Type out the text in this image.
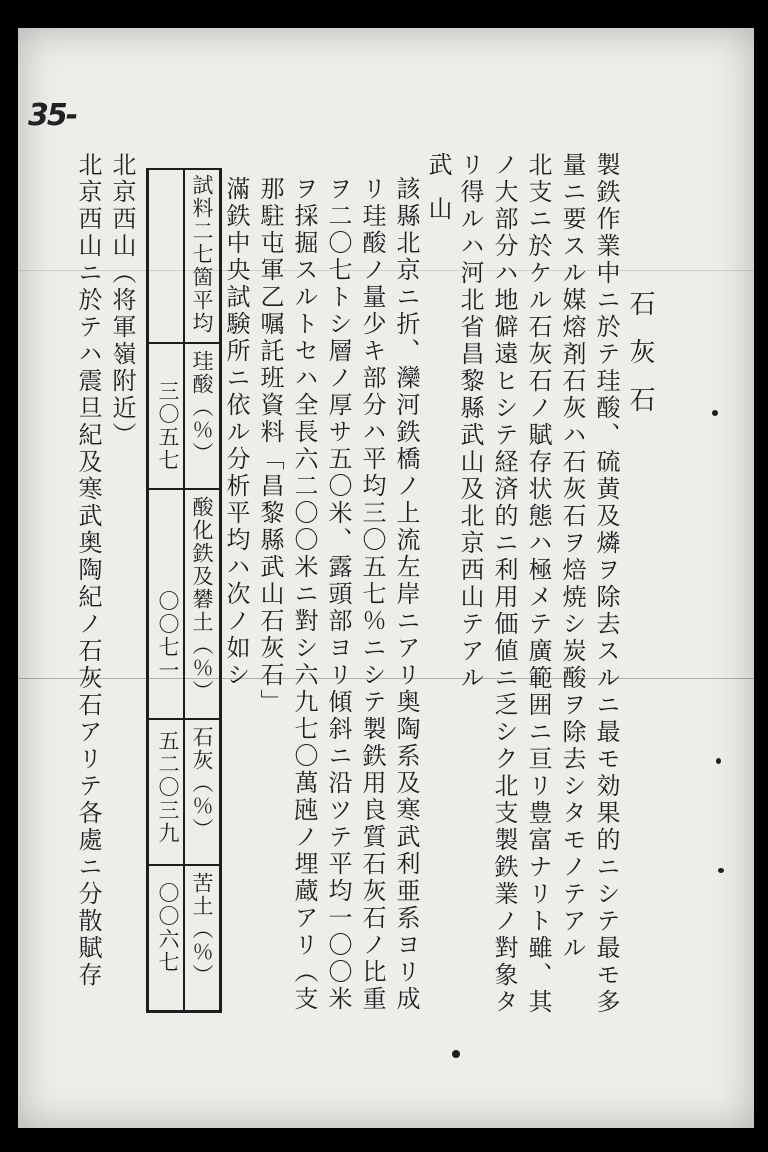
35-
石灰石
製鉄作業中ニ於テ珪酸、硫黄及燐ヲ除去スルニ最モ効果的ニシテ最モ多
量ニ要スル媒熔剤石灰ハ石灰石ヲ焙焼シ炭酸ヲ除去シタモノテアル
北支ニ於ケル石灰石ノ賦存状態ハ極メテ廣範囲ニ亘リ豊富ナリト雖、其
ノ大部分ハ地僻遠ヒシテ経済的ニ利用価値ニ乏シク北支製鉄業ノ對象タ
リ得ルハ河北省昌黎縣武山及北京西山テアル
武山
該縣北京ニ折、灤河鉄橋ノ上流左岸ニアリ奥陶系及寒武利亜系ヨリ成
リ珪酸ノ量少キ部分ハ平均三〇五七％ニシテ製鉄用良質石灰石ノ比重
ヲ二〇七トシ層ノ厚サ五〇米、露頭部ヨリ傾斜ニ沿ツテ平均一〇〇米
ヲ採掘スルトセハ全長六二〇〇米ニ對シ六九七〇萬瓲ノ埋蔵アリ（支
那駐屯軍乙嘱託班資料「昌黎縣武山石灰石」
滿鉄中央試験所ニ依ル分析平均ハ次ノ如シ
試料二七箇平均
珪酸（％）
三〇五七
酸化鉄及礬土（％）
〇〇七一
石灰（％）
五二〇三九
苦土（％）
〇〇六七
北京西山（将軍嶺附近）
北京西山ニ於テハ震旦紀及寒武奥陶紀ノ石灰石アリテ各處ニ分散賦存
